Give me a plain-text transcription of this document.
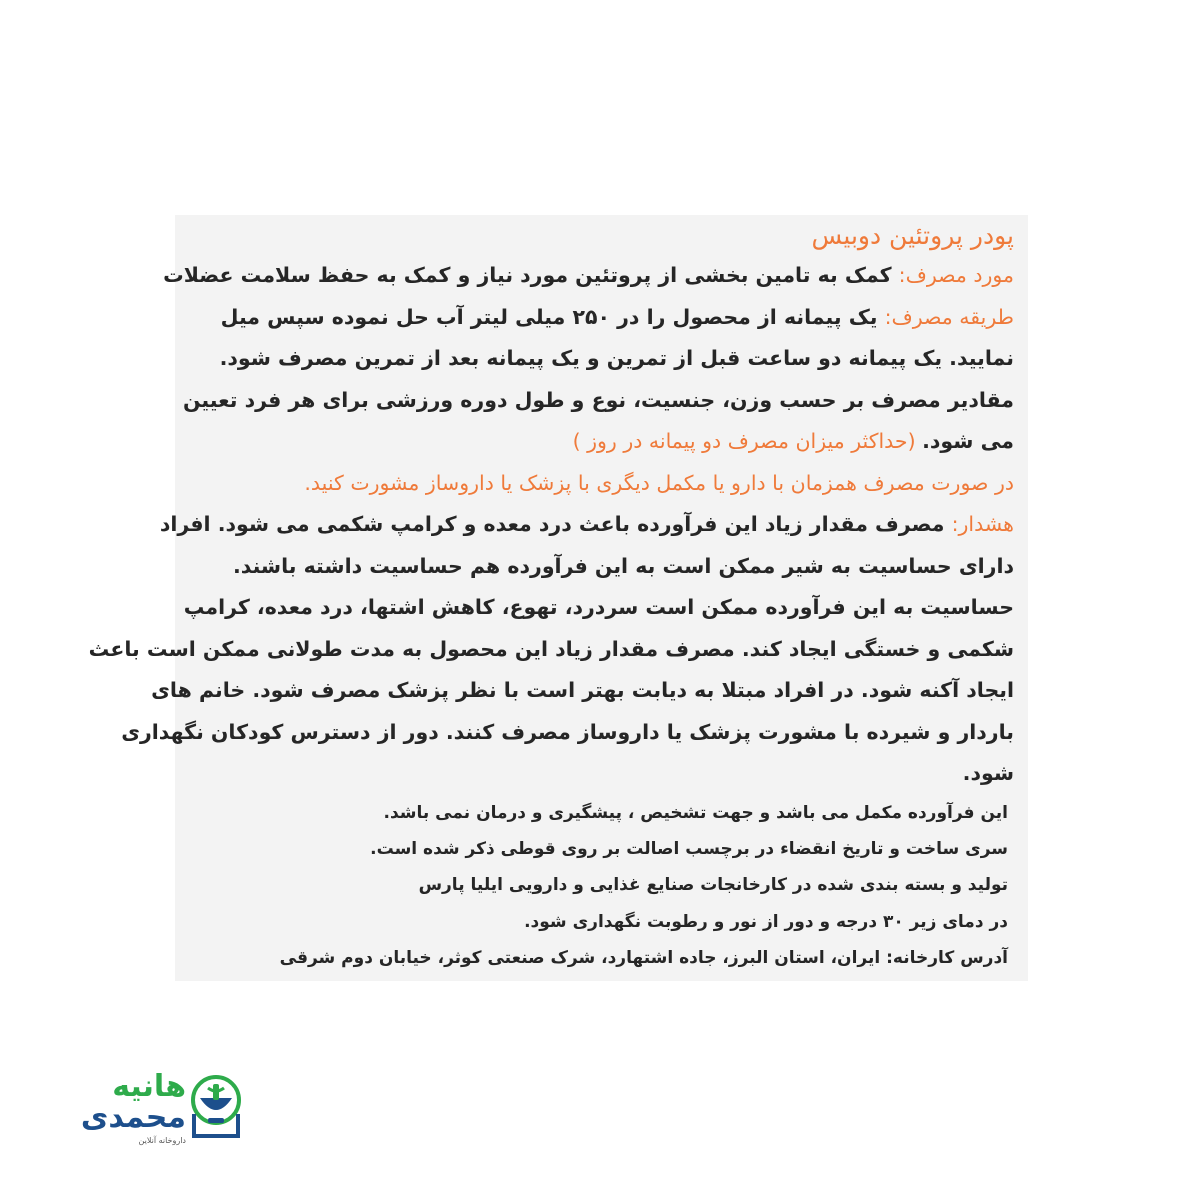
پودر پروتئین دوبیس
مورد مصرف: کمک به تامین بخشی از پروتئین مورد نیاز و کمک به حفظ سلامت عضلات
طریقه مصرف: یک پیمانه از محصول را در ۲۵۰ میلی لیتر آب حل نموده سپس میل
نمایید. یک پیمانه دو ساعت قبل از تمرین و یک پیمانه بعد از تمرین مصرف شود.
مقادیر مصرف بر حسب وزن، جنسیت، نوع و طول دوره ورزشی برای هر فرد تعیین
می شود. (حداکثر میزان مصرف دو پیمانه در روز )
در صورت مصرف همزمان با دارو یا مکمل دیگری با پزشک یا داروساز مشورت کنید.
هشدار: مصرف مقدار زیاد این فرآورده باعث درد معده و کرامپ شکمی می شود. افراد
دارای حساسیت به شیر ممکن است به این فرآورده هم حساسیت داشته باشند.
حساسیت به این فرآورده ممکن است سردرد، تهوع، کاهش اشتها، درد معده، کرامپ
شکمی و خستگی ایجاد کند. مصرف مقدار زیاد این محصول به مدت طولانی ممکن است باعث
ایجاد آکنه شود. در افراد مبتلا به دیابت بهتر است با نظر پزشک مصرف شود. خانم های
باردار و شیرده با مشورت پزشک یا داروساز مصرف کنند. دور از دسترس کودکان نگهداری
شود.
این فرآورده مکمل می باشد و جهت تشخیص ، پیشگیری و درمان نمی باشد.
سری ساخت و تاریخ انقضاء در برچسب اصالت بر روی قوطی ذکر شده است.
تولید و بسته بندی شده در کارخانجات صنایع غذایی و دارویی ایلیا پارس
در دمای زیر ۳۰ درجه و دور از نور و رطوبت نگهداری شود.
آدرس کارخانه: ایران، استان البرز، جاده اشتهارد، شرک صنعتی کوثر، خیابان دوم شرقی
هانیه
محمدی
داروخانه آنلاین
